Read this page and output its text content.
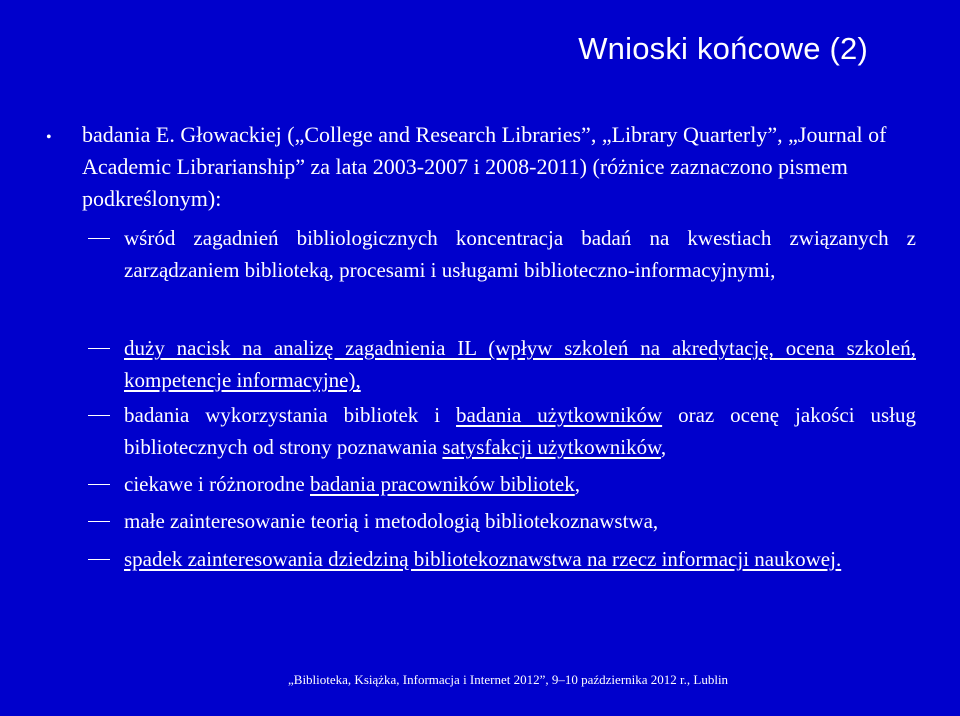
Wnioski końcowe (2)
• badania E. Głowackiej („College and Research Libraries”, „Library Quarterly”, „Journal of Academic Librarianship” za lata 2003-2007 i 2008-2011) (różnice zaznaczono pismem podkreślonym):
wśród zagadnień bibliologicznych koncentracja badań na kwestiach związanych z zarządzaniem biblioteką, procesami i usługami biblioteczno-informacyjnymi,
duży nacisk na analizę zagadnienia IL (wpływ szkoleń na akredytację, ocena szkoleń, kompetencje informacyjne),
badania wykorzystania bibliotek i badania użytkowników oraz ocenę jakości usług bibliotecznych od strony poznawania satysfakcji użytkowników,
ciekawe i różnorodne badania pracowników bibliotek,
małe zainteresowanie teorią i metodologią bibliotekoznawstwa,
spadek zainteresowania dziedziną bibliotekoznawstwa na rzecz informacji naukowej.
„Biblioteka, Książka, Informacja i Internet 2012”, 9–10 października 2012 r., Lublin
